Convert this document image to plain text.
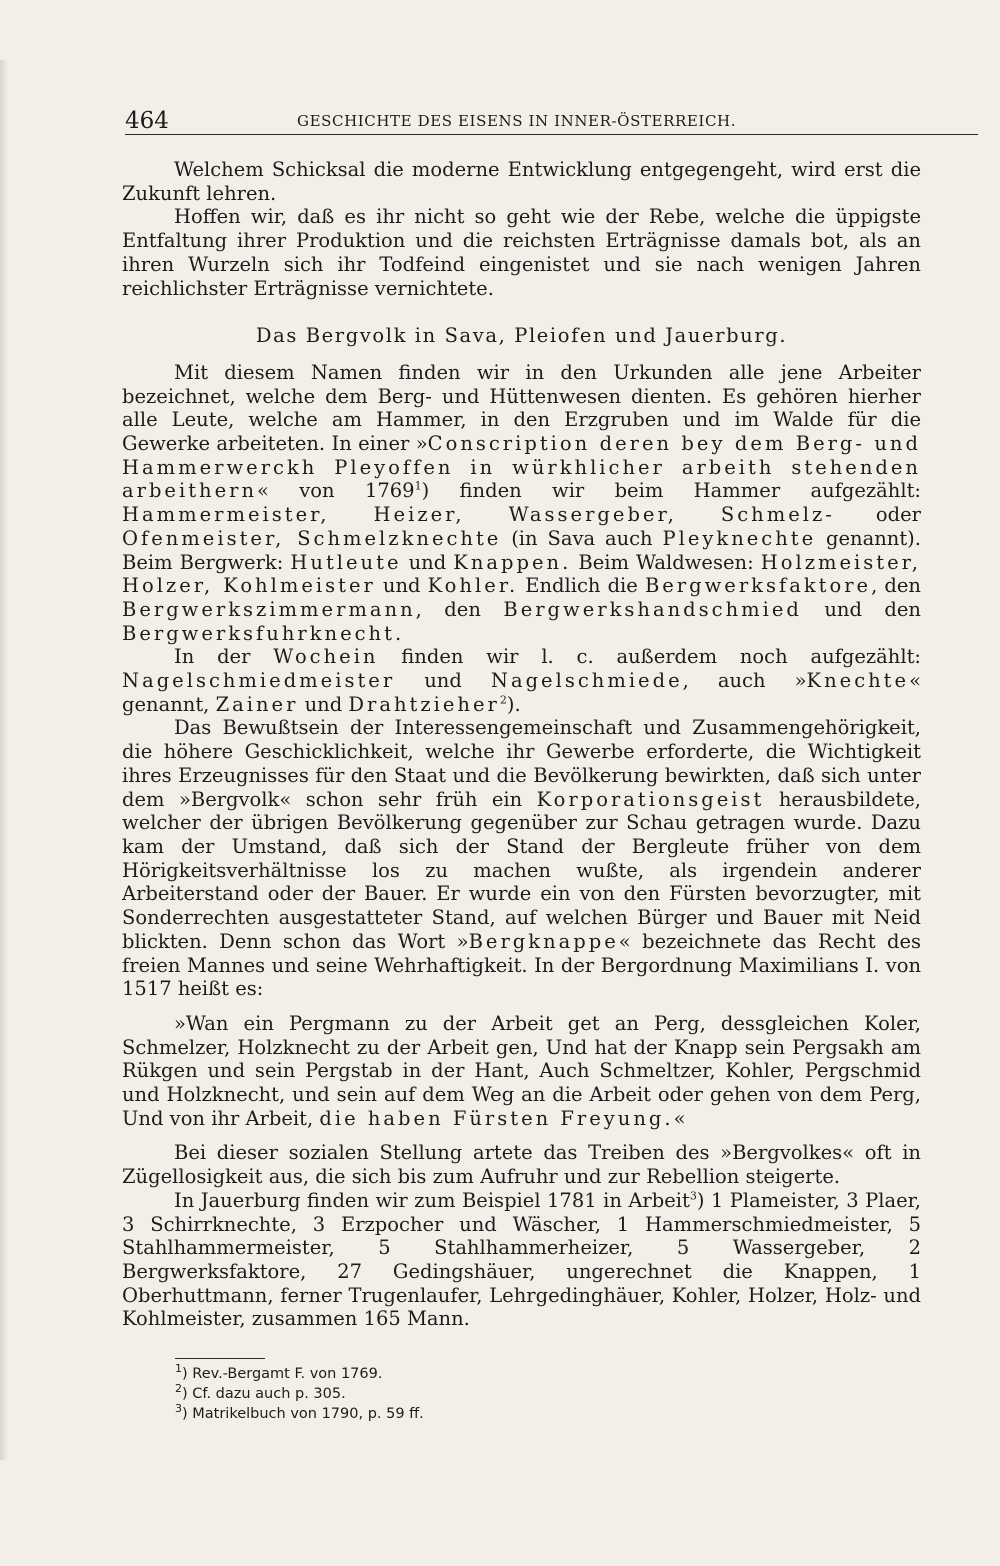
464	GESCHICHTE DES EISENS IN INNER-ÖSTERREICH.

Welchem Schicksal die moderne Entwicklung entgegengeht, wird erst die Zukunft lehren.

Hoffen wir, daß es ihr nicht so geht wie der Rebe, welche die üppigste Entfaltung ihrer Produktion und die reichsten Erträgnisse damals bot, als an ihren Wurzeln sich ihr Todfeind eingenistet und sie nach wenigen Jahren reichlichster Erträgnisse vernichtete.

Das Bergvolk in Sava, Pleiofen und Jauerburg.

Mit diesem Namen finden wir in den Urkunden alle jene Arbeiter bezeichnet, welche dem Berg- und Hüttenwesen dienten. Es gehören hierher alle Leute, welche am Hammer, in den Erzgruben und im Walde für die Gewerke arbeiteten. In einer »Conscription deren bey dem Berg- und Hammerwerckh Pleyoffen in würkhlicher arbeith stehenden arbeithern« von 1769$^1$) finden wir beim Hammer aufgezählt: Hammermeister, Heizer, Wassergeber, Schmelz- oder Ofenmeister, Schmelzknechte (in Sava auch Pleyknechte genannt). Beim Bergwerk: Hutleute und Knappen. Beim Waldwesen: Holzmeister, Holzer, Kohlmeister und Kohler. Endlich die Bergwerksfaktore, den Bergwerkszimmermann, den Bergwerkshandschmied und den Bergwerksfuhrknecht.

In der Wochein finden wir l. c. außerdem noch aufgezählt: Nagelschmiedmeister und Nagelschmiede, auch »Knechte« genannt, Zainer und Drahtzieher$^2$).

Das Bewußtsein der Interessengemeinschaft und Zusammengehörigkeit, die höhere Geschicklichkeit, welche ihr Gewerbe erforderte, die Wichtigkeit ihres Erzeugnisses für den Staat und die Bevölkerung bewirkten, daß sich unter dem »Bergvolk« schon sehr früh ein Korporationsgeist herausbildete, welcher der übrigen Bevölkerung gegenüber zur Schau getragen wurde. Dazu kam der Umstand, daß sich der Stand der Bergleute früher von dem Hörigkeitsverhältnisse los zu machen wußte, als irgendein anderer Arbeiterstand oder der Bauer. Er wurde ein von den Fürsten bevorzugter, mit Sonderrechten ausgestatteter Stand, auf welchen Bürger und Bauer mit Neid blickten. Denn schon das Wort »Bergknappe« bezeichnete das Recht des freien Mannes und seine Wehrhaftigkeit. In der Bergordnung Maximilians I. von 1517 heißt es:

»Wan ein Pergmann zu der Arbeit get an Perg, dessgleichen Koler, Schmelzer, Holzknecht zu der Arbeit gen, Und hat der Knapp sein Pergsakh am Rükgen und sein Pergstab in der Hant, Auch Schmeltzer, Kohler, Pergschmid und Holzknecht, und sein auf dem Weg an die Arbeit oder gehen von dem Perg, Und von ihr Arbeit, die haben Fürsten Freyung.«

Bei dieser sozialen Stellung artete das Treiben des »Bergvolkes« oft in Zügellosigkeit aus, die sich bis zum Aufruhr und zur Rebellion steigerte.

In Jauerburg finden wir zum Beispiel 1781 in Arbeit$^3$) 1 Plameister, 3 Plaer, 3 Schirrknechte, 3 Erzpocher und Wäscher, 1 Hammerschmiedmeister, 5 Stahlhammermeister, 5 Stahlhammerheizer, 5 Wassergeber, 2 Bergwerksfaktore, 27 Gedingshäuer, ungerechnet die Knappen, 1 Oberhuttmann, ferner Trugenlaufer, Lehrgedinghäuer, Kohler, Holzer, Holz- und Kohlmeister, zusammen 165 Mann.

$^1$) Rev.-Bergamt F. von 1769.
$^2$) Cf. dazu auch p. 305.
$^3$) Matrikelbuch von 1790, p. 59 ff.
